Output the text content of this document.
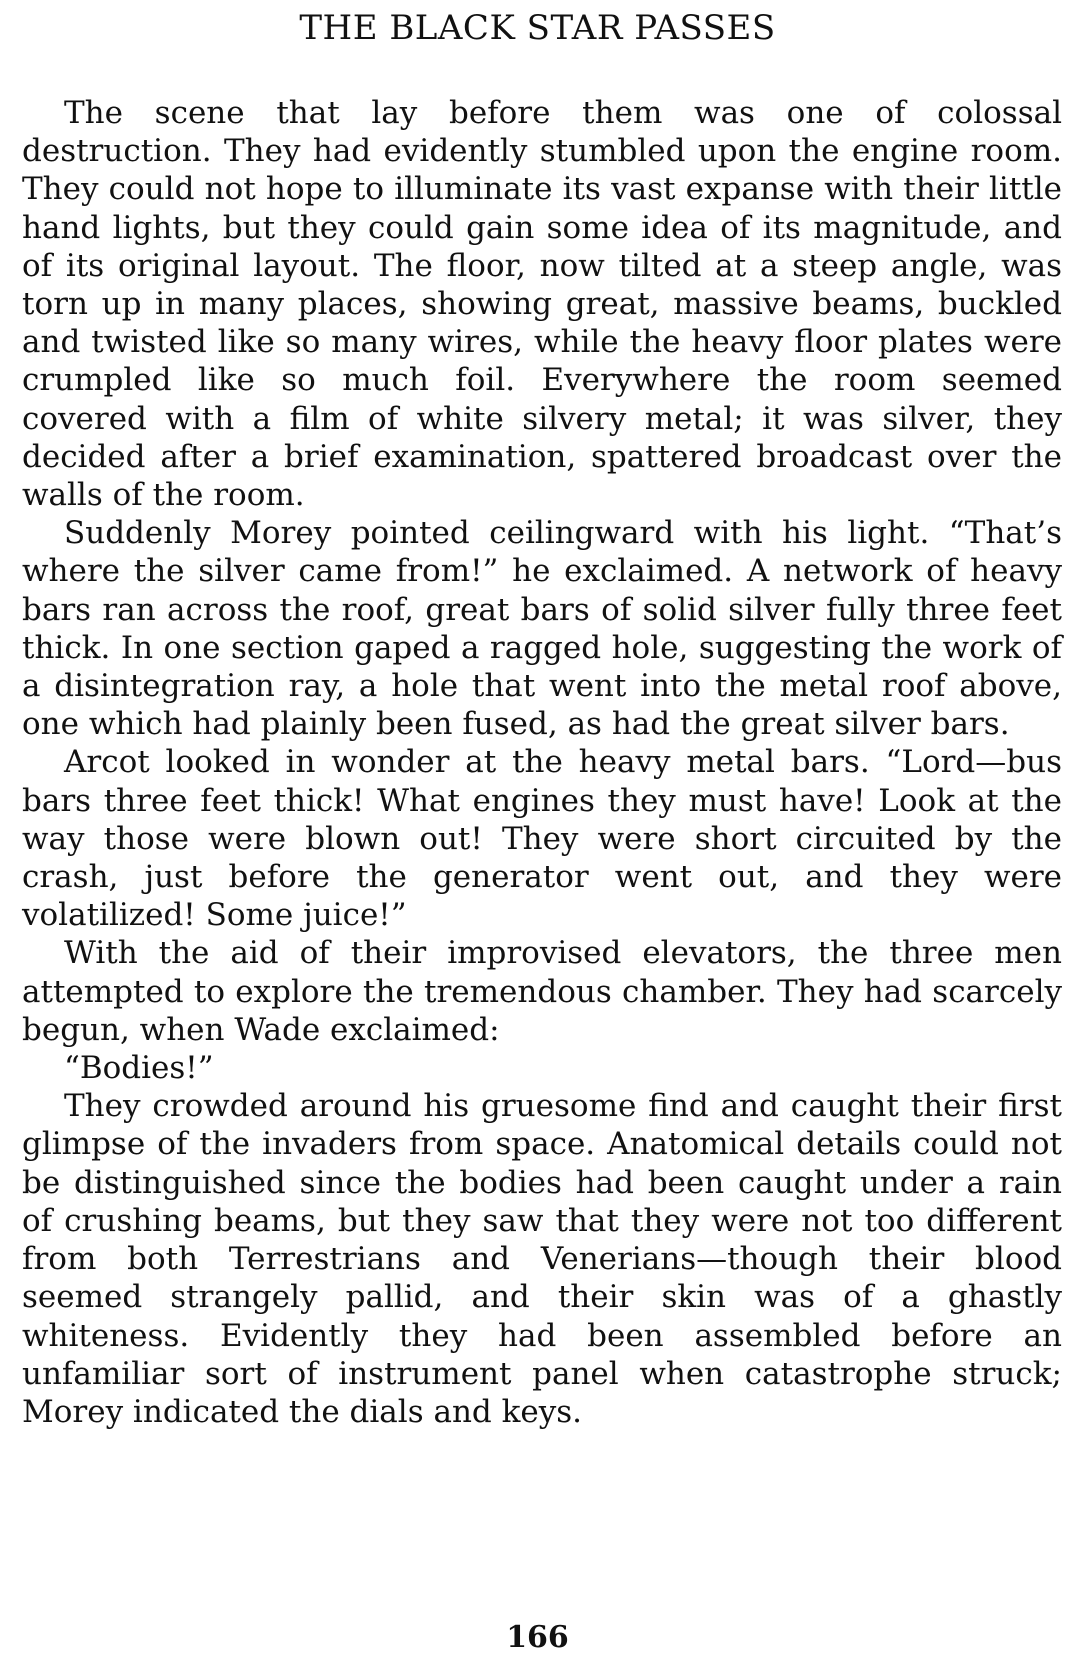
THE BLACK STAR PASSES

The scene that lay before them was one of colossal destruction. They had evidently stumbled upon the engine room. They could not hope to illuminate its vast expanse with their little hand lights, but they could gain some idea of its magnitude, and of its original layout. The floor, now tilted at a steep angle, was torn up in many places, showing great, massive beams, buckled and twisted like so many wires, while the heavy floor plates were crumpled like so much foil. Everywhere the room seemed covered with a film of white silvery metal; it was silver, they decided after a brief examination, spattered broadcast over the walls of the room.

Suddenly Morey pointed ceilingward with his light. “That’s where the silver came from!” he exclaimed. A network of heavy bars ran across the roof, great bars of solid silver fully three feet thick. In one section gaped a ragged hole, suggesting the work of a disintegration ray, a hole that went into the metal roof above, one which had plainly been fused, as had the great silver bars.

Arcot looked in wonder at the heavy metal bars. “Lord—bus bars three feet thick! What engines they must have! Look at the way those were blown out! They were short circuited by the crash, just before the generator went out, and they were volatilized! Some juice!”

With the aid of their improvised elevators, the three men attempted to explore the tremendous chamber. They had scarcely begun, when Wade exclaimed:

“Bodies!”

They crowded around his gruesome find and caught their first glimpse of the invaders from space. Anatomical details could not be distinguished since the bodies had been caught under a rain of crushing beams, but they saw that they were not too different from both Terrestrians and Venerians—though their blood seemed strangely pallid, and their skin was of a ghastly whiteness. Evidently they had been assembled before an unfamiliar sort of instrument panel when catastrophe struck; Morey indicated the dials and keys.

166
